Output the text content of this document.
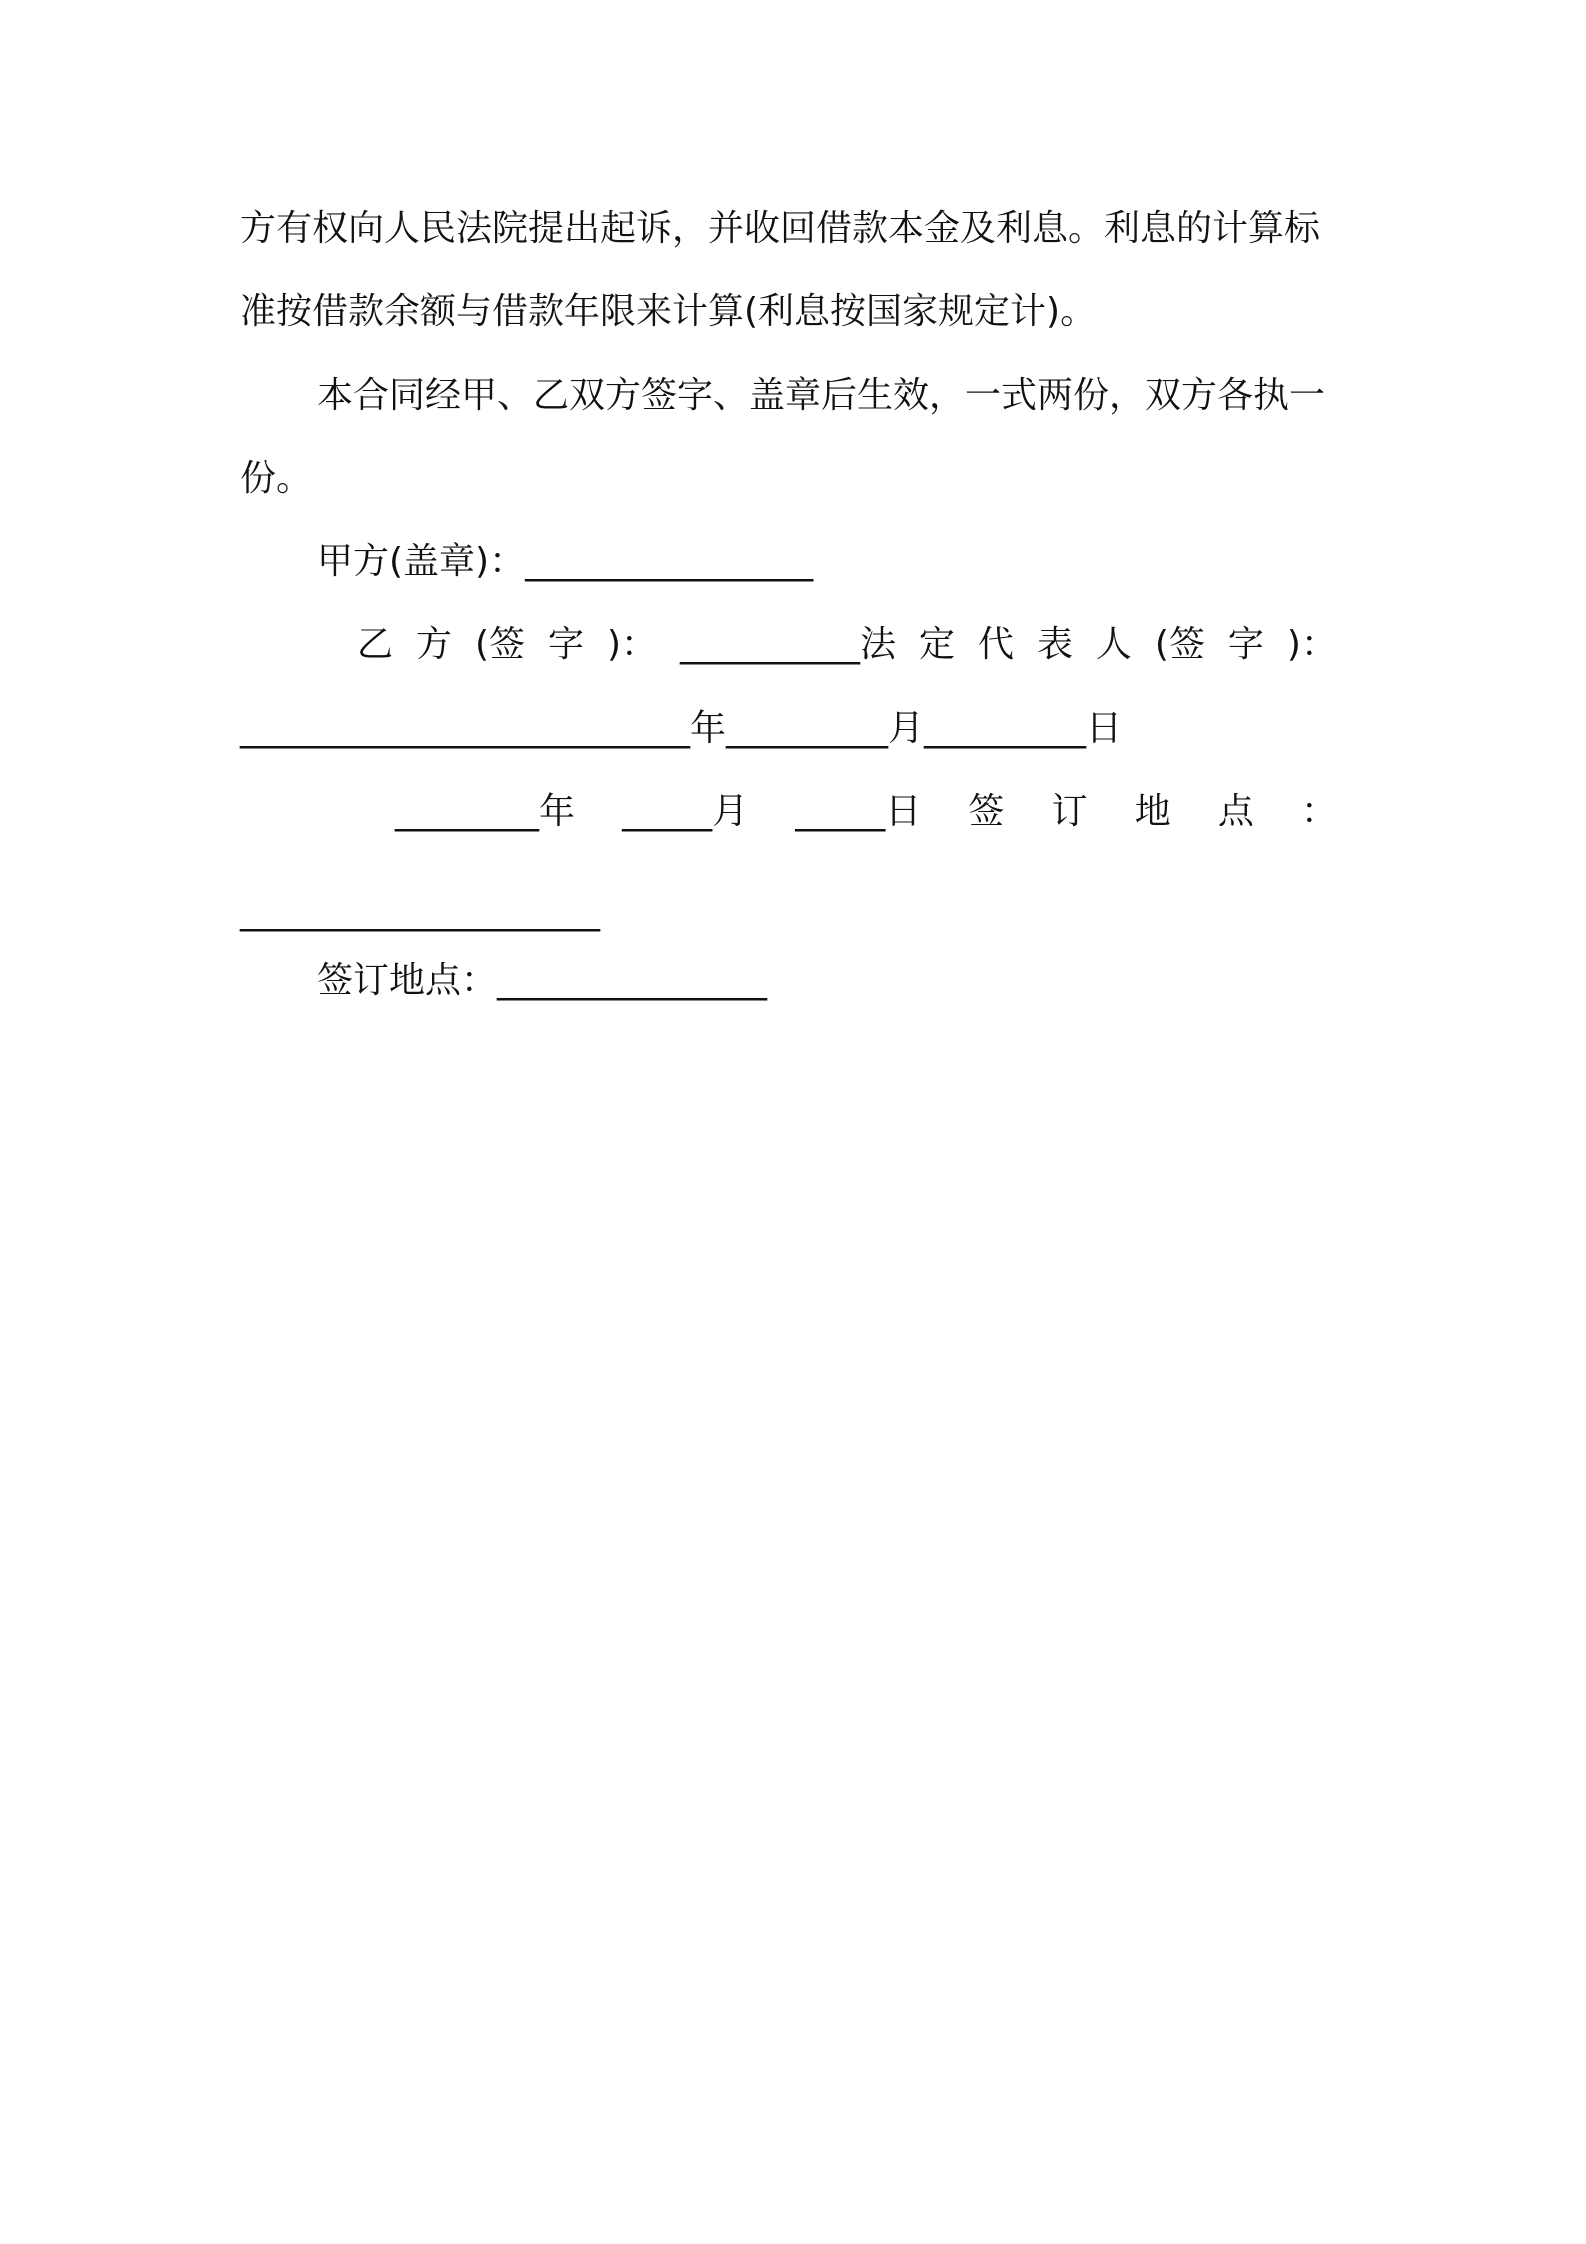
方有权向人民法院提出起诉，并收回借款本金及利息。利息的计算标
准按借款余额与借款年限来计算(利息按国家规定计)。
本合同经甲、乙双方签字、盖章后生效，一式两份，双方各执一
份。
甲方(盖章)：________________
乙 方 (签 字 )： __________法 定 代 表 人 (签 字 )：
_________________________年_________月_________日
________年 _____月 _____日 签 订 地 点 ：
____________________
签订地点：_______________
